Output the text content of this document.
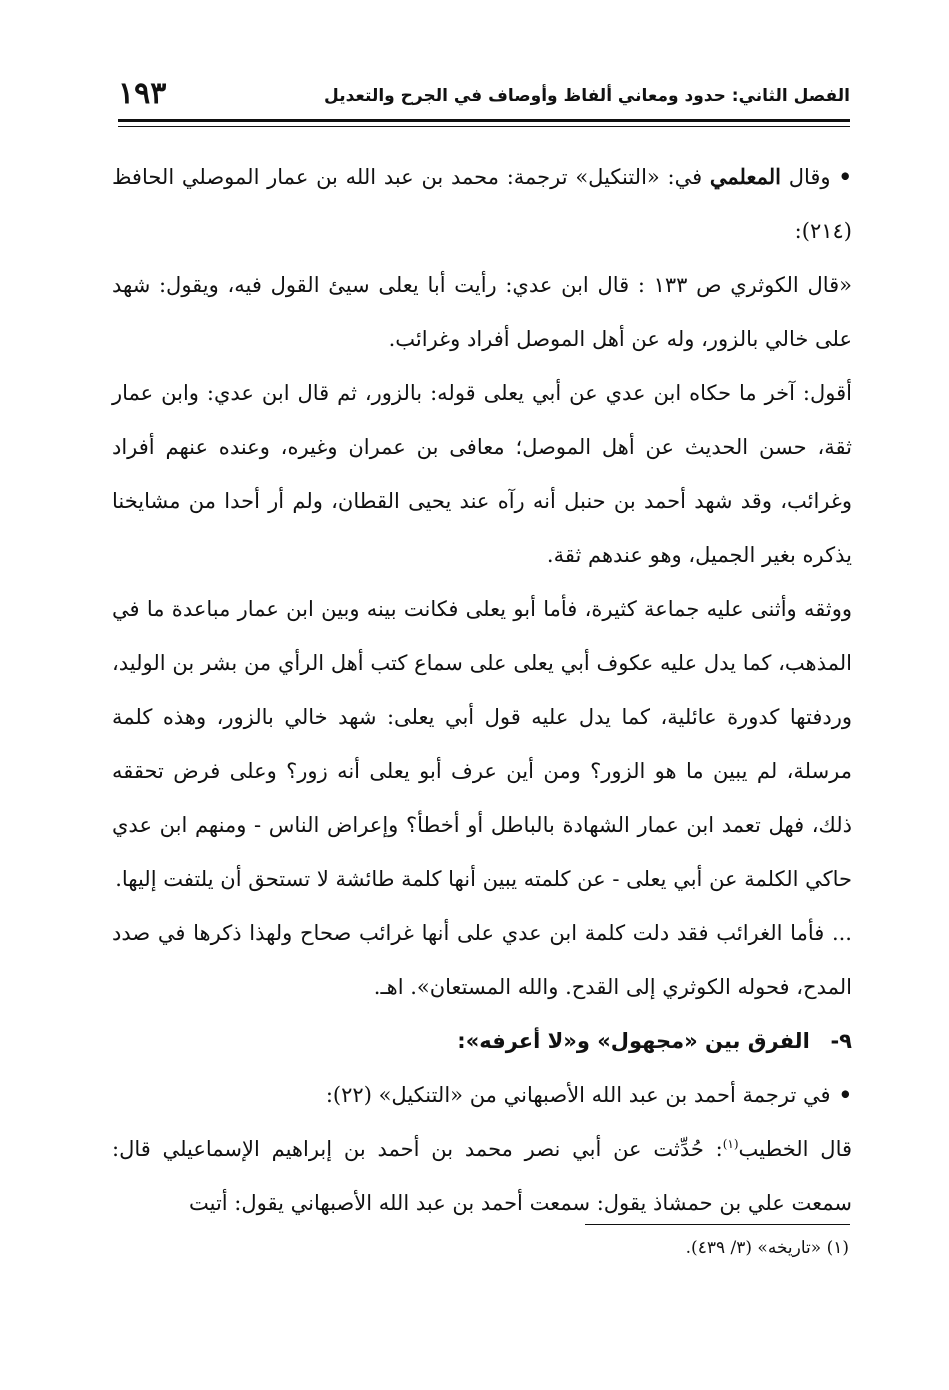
الفصل الثاني: حدود ومعاني ألفاظ وأوصاف في الجرح والتعديل
١٩٣

•وقال المعلمي في: «التنكيل» ترجمة: محمد بن عبد الله بن عمار الموصلي الحافظ (٢١٤):

«قال الكوثري ص ١٣٣ : قال ابن عدي: رأيت أبا يعلى سيئ القول فيه، ويقول: شهد على خالي بالزور، وله عن أهل الموصل أفراد وغرائب.

أقول: آخر ما حكاه ابن عدي عن أبي يعلى قوله: بالزور، ثم قال ابن عدي: وابن عمار ثقة، حسن الحديث عن أهل الموصل؛ معافى بن عمران وغيره، وعنده عنهم أفراد وغرائب، وقد شهد أحمد بن حنبل أنه رآه عند يحيى القطان، ولم أر أحدا من مشايخنا يذكره بغير الجميل، وهو عندهم ثقة.

ووثقه وأثنى عليه جماعة كثيرة، فأما أبو يعلى فكانت بينه وبين ابن عمار مباعدة ما في المذهب، كما يدل عليه عكوف أبي يعلى على سماع كتب أهل الرأي من بشر بن الوليد، وردفتها كدورة عائلية، كما يدل عليه قول أبي يعلى: شهد خالي بالزور، وهذه كلمة مرسلة، لم يبين ما هو الزور؟ ومن أين عرف أبو يعلى أنه زور؟ وعلى فرض تحققه ذلك، فهل تعمد ابن عمار الشهادة بالباطل أو أخطأ؟ وإعراض الناس - ومنهم ابن عدي حاكي الكلمة عن أبي يعلى - عن كلمته يبين أنها كلمة طائشة لا تستحق أن يلتفت إليها.

... فأما الغرائب فقد دلت كلمة ابن عدي على أنها غرائب صحاح ولهذا ذكرها في صدد المدح، فحوله الكوثري إلى القدح. والله المستعان». اهـ.

٩- الفرق بين «مجهول» و«لا أعرفه»:

•في ترجمة أحمد بن عبد الله الأصبهاني من «التنكيل» (٢٢):

قال الخطيب$^{(١)}$: حُدِّثت عن أبي نصر محمد بن أحمد بن إبراهيم الإسماعيلي قال: سمعت علي بن حمشاذ يقول: سمعت أحمد بن عبد الله الأصبهاني يقول: أتيت

(١) «تاريخه» (٣/ ٤٣٩).
